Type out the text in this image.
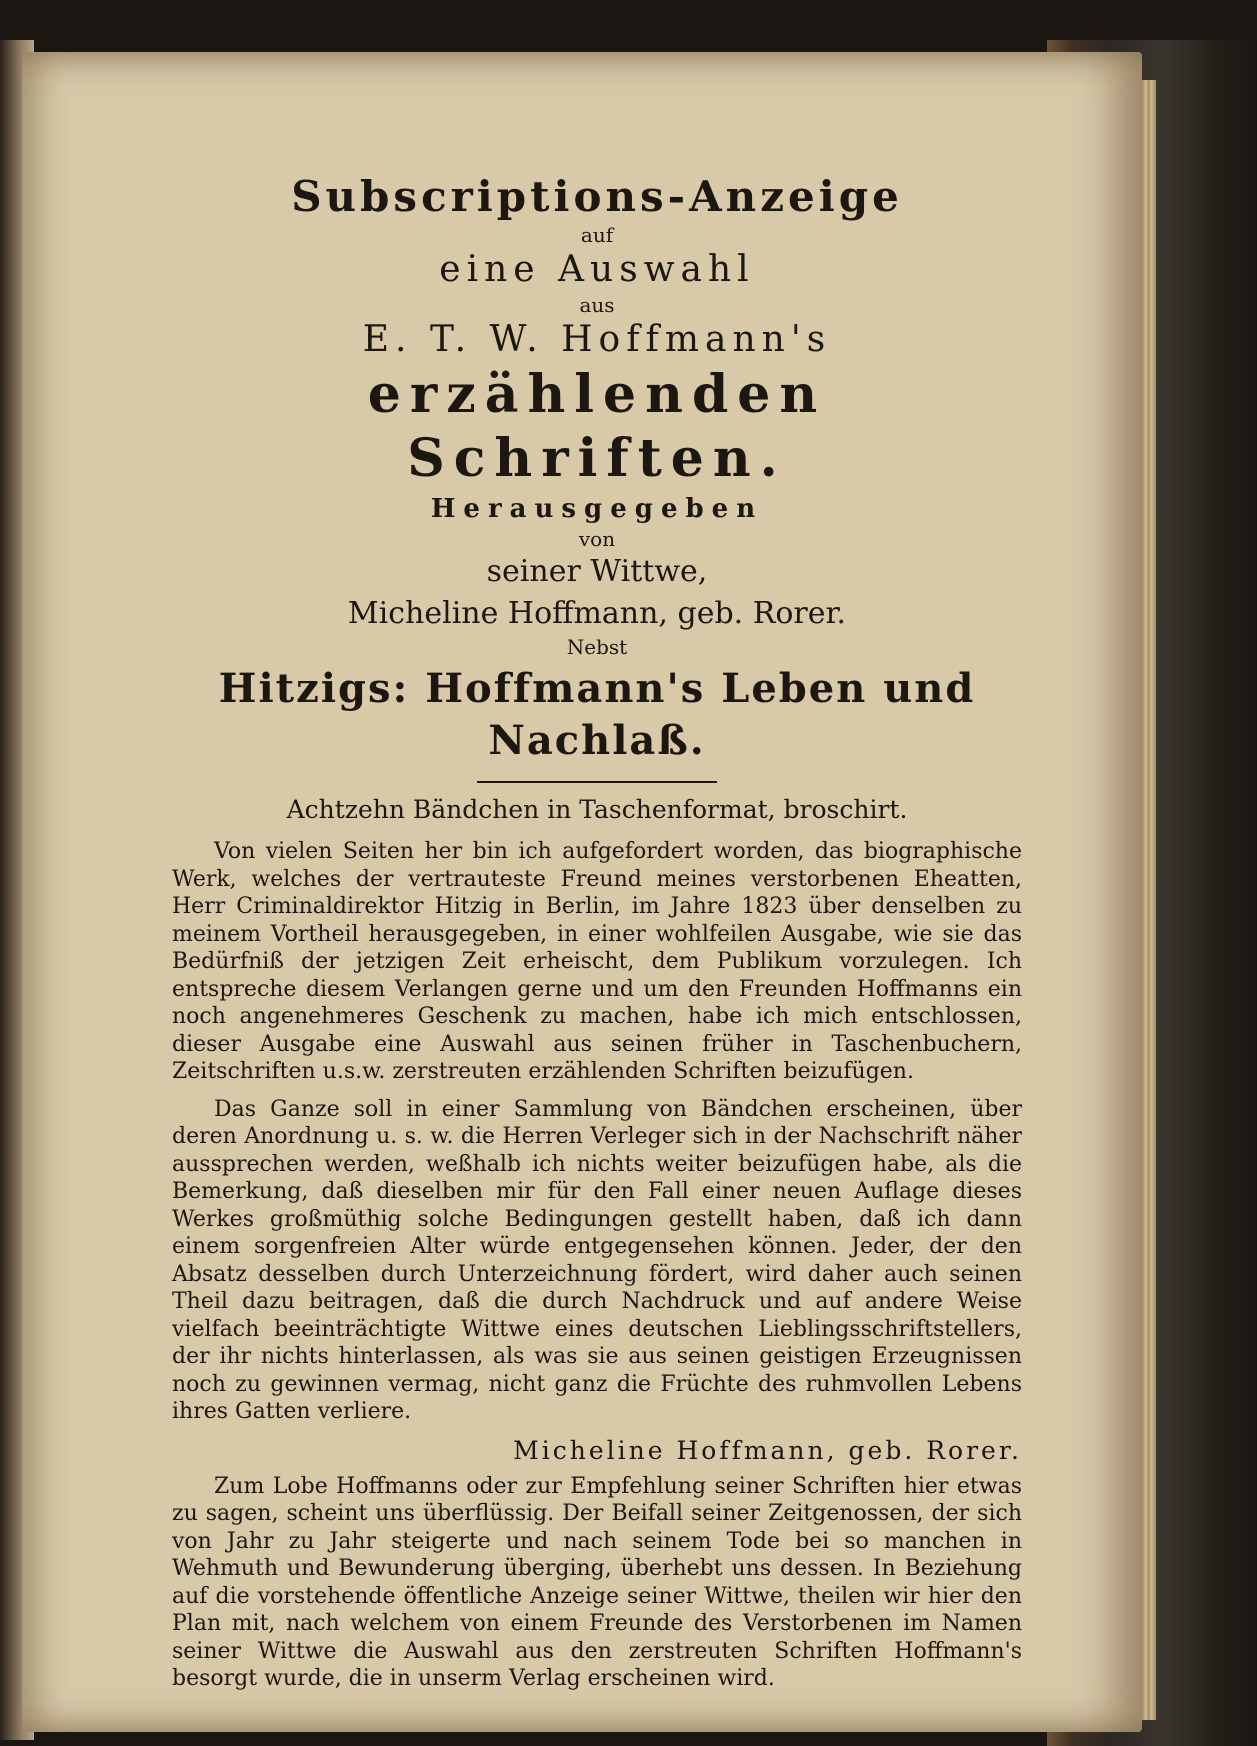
Subscriptions-Anzeige

auf

eine Auswahl

aus

E. T. W. Hoffmann's

erzählenden Schriften.

Herausgegeben

von

seiner Wittwe,

Micheline Hoffmann, geb. Rorer.

Nebst

Hitzigs: Hoffmann's Leben und Nachlaß.

Achtzehn Bändchen in Taschenformat, broschirt.

Von vielen Seiten her bin ich aufgefordert worden, das biographische Werk, welches der vertrauteste Freund meines verstorbenen Eheatten, Herr Criminaldirektor Hitzig in Berlin, im Jahre 1823 über denselben zu meinem Vortheil herausgegeben, in einer wohlfeilen Ausgabe, wie sie das Bedürfniß der jetzigen Zeit erheischt, dem Publikum vorzulegen. Ich entspreche diesem Verlangen gerne und um den Freunden Hoffmanns ein noch angenehmeres Geschenk zu machen, habe ich mich entschlossen, dieser Ausgabe eine Auswahl aus seinen früher in Taschenbuchern, Zeitschriften u.s.w. zerstreuten erzählenden Schriften beizufügen.

Das Ganze soll in einer Sammlung von Bändchen erscheinen, über deren Anordnung u. s. w. die Herren Verleger sich in der Nachschrift näher aussprechen werden, weßhalb ich nichts weiter beizufügen habe, als die Bemerkung, daß dieselben mir für den Fall einer neuen Auflage dieses Werkes großmüthig solche Bedingungen gestellt haben, daß ich dann einem sorgenfreien Alter würde entgegensehen können. Jeder, der den Absatz desselben durch Unterzeichnung fördert, wird daher auch seinen Theil dazu beitragen, daß die durch Nachdruck und auf andere Weise vielfach beeinträchtigte Wittwe eines deutschen Lieblingsschriftstellers, der ihr nichts hinterlassen, als was sie aus seinen geistigen Erzeugnissen noch zu gewinnen vermag, nicht ganz die Früchte des ruhmvollen Lebens ihres Gatten verliere.

Micheline Hoffmann, geb. Rorer.

Zum Lobe Hoffmanns oder zur Empfehlung seiner Schriften hier etwas zu sagen, scheint uns überflüssig. Der Beifall seiner Zeitgenossen, der sich von Jahr zu Jahr steigerte und nach seinem Tode bei so manchen in Wehmuth und Bewunderung überging, überhebt uns dessen. In Beziehung auf die vorstehende öffentliche Anzeige seiner Wittwe, theilen wir hier den Plan mit, nach welchem von einem Freunde des Verstorbenen im Namen seiner Wittwe die Auswahl aus den zerstreuten Schriften Hoffmann's besorgt wurde, die in unserm Verlag erscheinen wird.
